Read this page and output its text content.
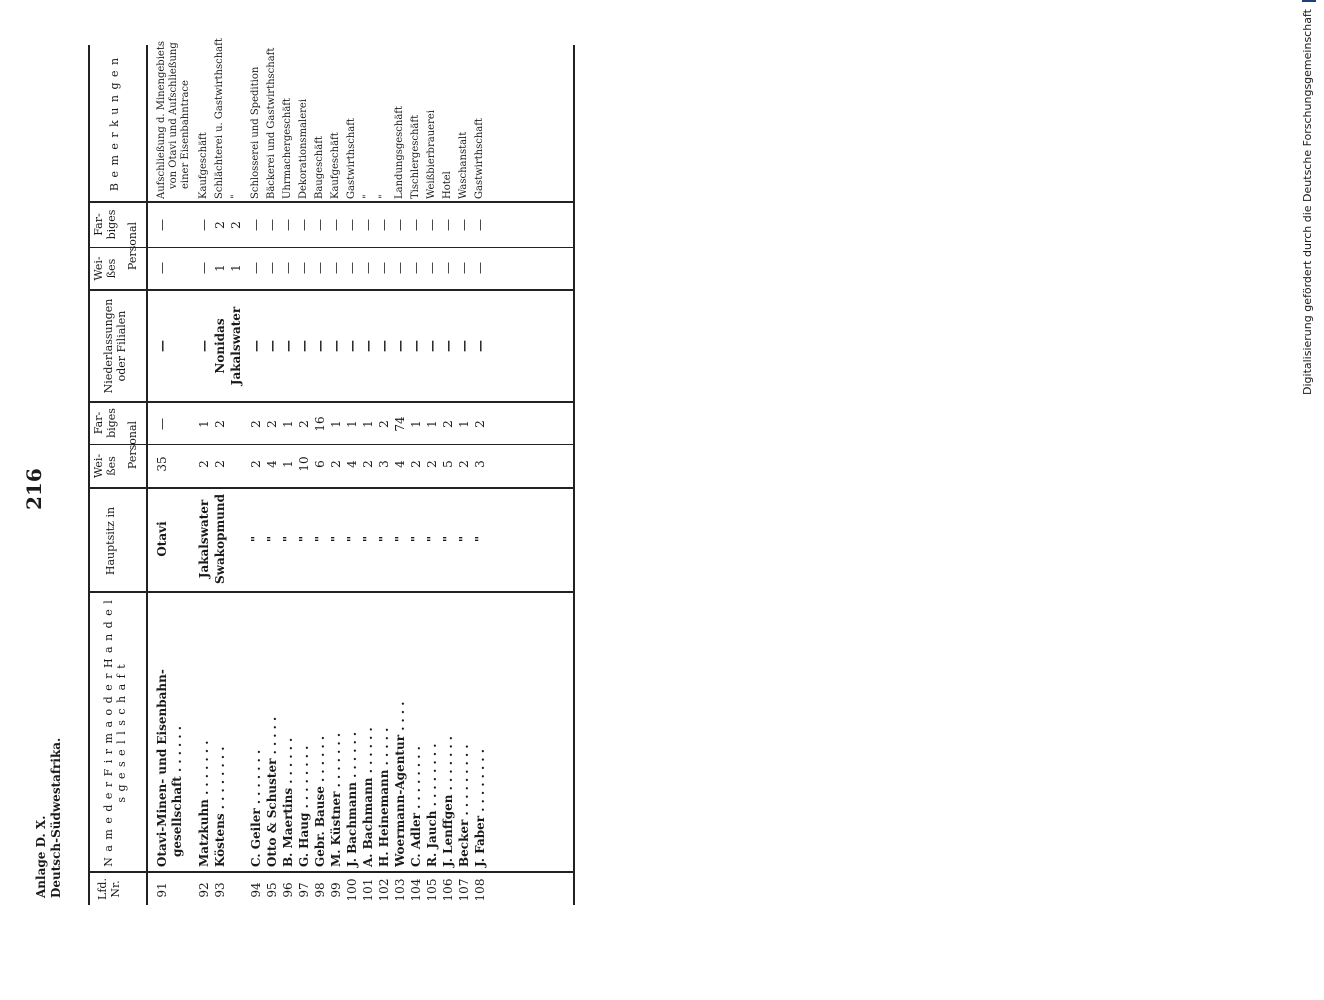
Anlage D. X. Deutsch-Südwestafrika.
216
Lfd. Nr.
N a m e d e r F i r m a o d e r H a n d e l s g e s e l l s c h a f t
Hauptsitz in
Wei- ßes
Far- biges Personal
Niederlassungen oder Filialen
Wei- ßes
Far- biges Personal
B e m e r k u n g e n
91
Otavi-Minen- und Eisenbahn-
Otavi
35
—
—
—
—
Aufschließung d. Minengebiets
gesellschaft . . . . . .
von Otavi und Aufschließung einer Eisenbahntrace
92
Matzkuhn . . . . . . .
Jakalswater
2
1
—
—
—
Kaufgeschäft
93
Köstens . . . . . . . .
Swakopmund
2
2
Nonidas
1
2
Schlächterei u. Gastwirthschaft
Jakalswater
1
2
"
94
C. Geiler . . . . . . .
"
2
2
—
—
—
Schlosserei und Spedition
95
Otto & Schuster . . . . .
"
4
2
—
—
—
Bäckerei und Gastwirthschaft
96
B. Maertins . . . . . .
"
1
1
—
—
—
Uhrmachergeschäft
97
G. Haug . . . . . . . .
"
10
2
—
—
—
Dekorationsmalerei
98
Gebr. Bause . . . . . .
"
6
16
—
—
—
Baugeschäft
99
M. Küstner . . . . . . .
"
2
1
—
—
—
Kaufgeschäft
100
J. Bachmann . . . . . .
"
4
1
—
—
—
Gastwirthschaft
101
A. Bachmann . . . . . .
"
2
1
—
—
—
"
102
H. Heinemann . . . . .
"
3
2
—
—
—
"
103
Woermann-Agentur . . . .
"
4
74
—
—
—
Landungsgeschäft
104
C. Adler . . . . . . . .
"
2
1
—
—
—
Tischlergeschäft
105
R. Jauch . . . . . . . .
"
2
1
—
—
—
Weißbierbrauerei
106
J. Lenffgen . . . . . . .
"
5
2
—
—
—
Hotel
107
Becker . . . . . . . . .
"
2
1
—
—
—
Waschanstalt
108
J. Faber . . . . . . . .
"
3
2
—
—
—
Gastwirthschaft	Digitalisierung gefördert durch die Deutsche Forschungsgemeinschaft
